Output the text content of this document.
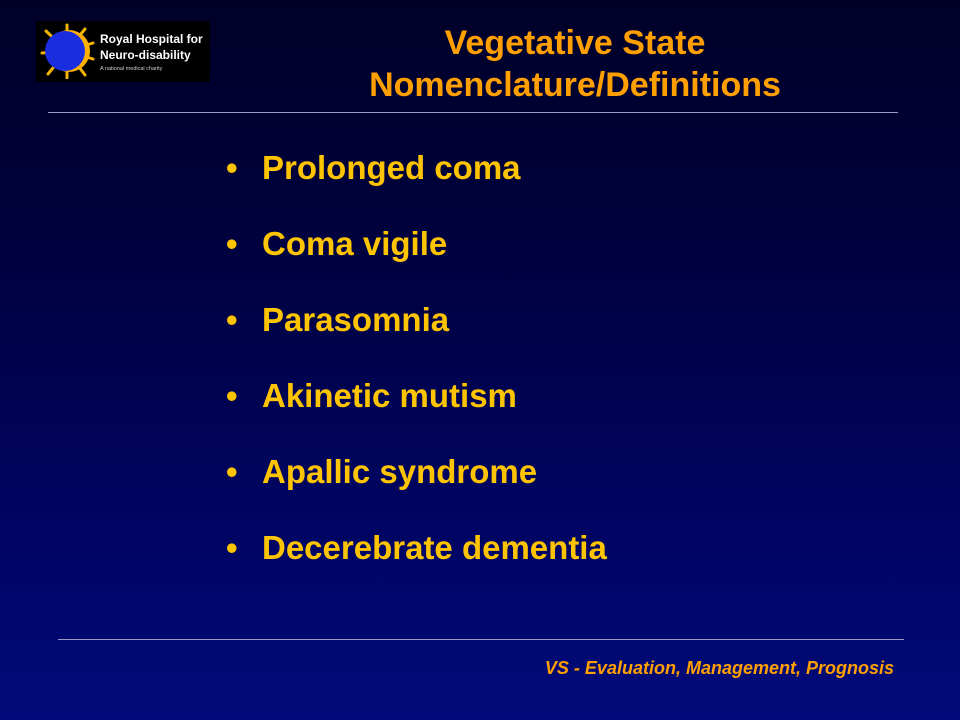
Royal Hospital for
Neuro-disability
A national medical charity
Vegetative State
Nomenclature/Definitions
• Prolonged coma
• Coma vigile
• Parasomnia
• Akinetic mutism
• Apallic syndrome
• Decerebrate dementia
VS - Evaluation, Management, Prognosis
